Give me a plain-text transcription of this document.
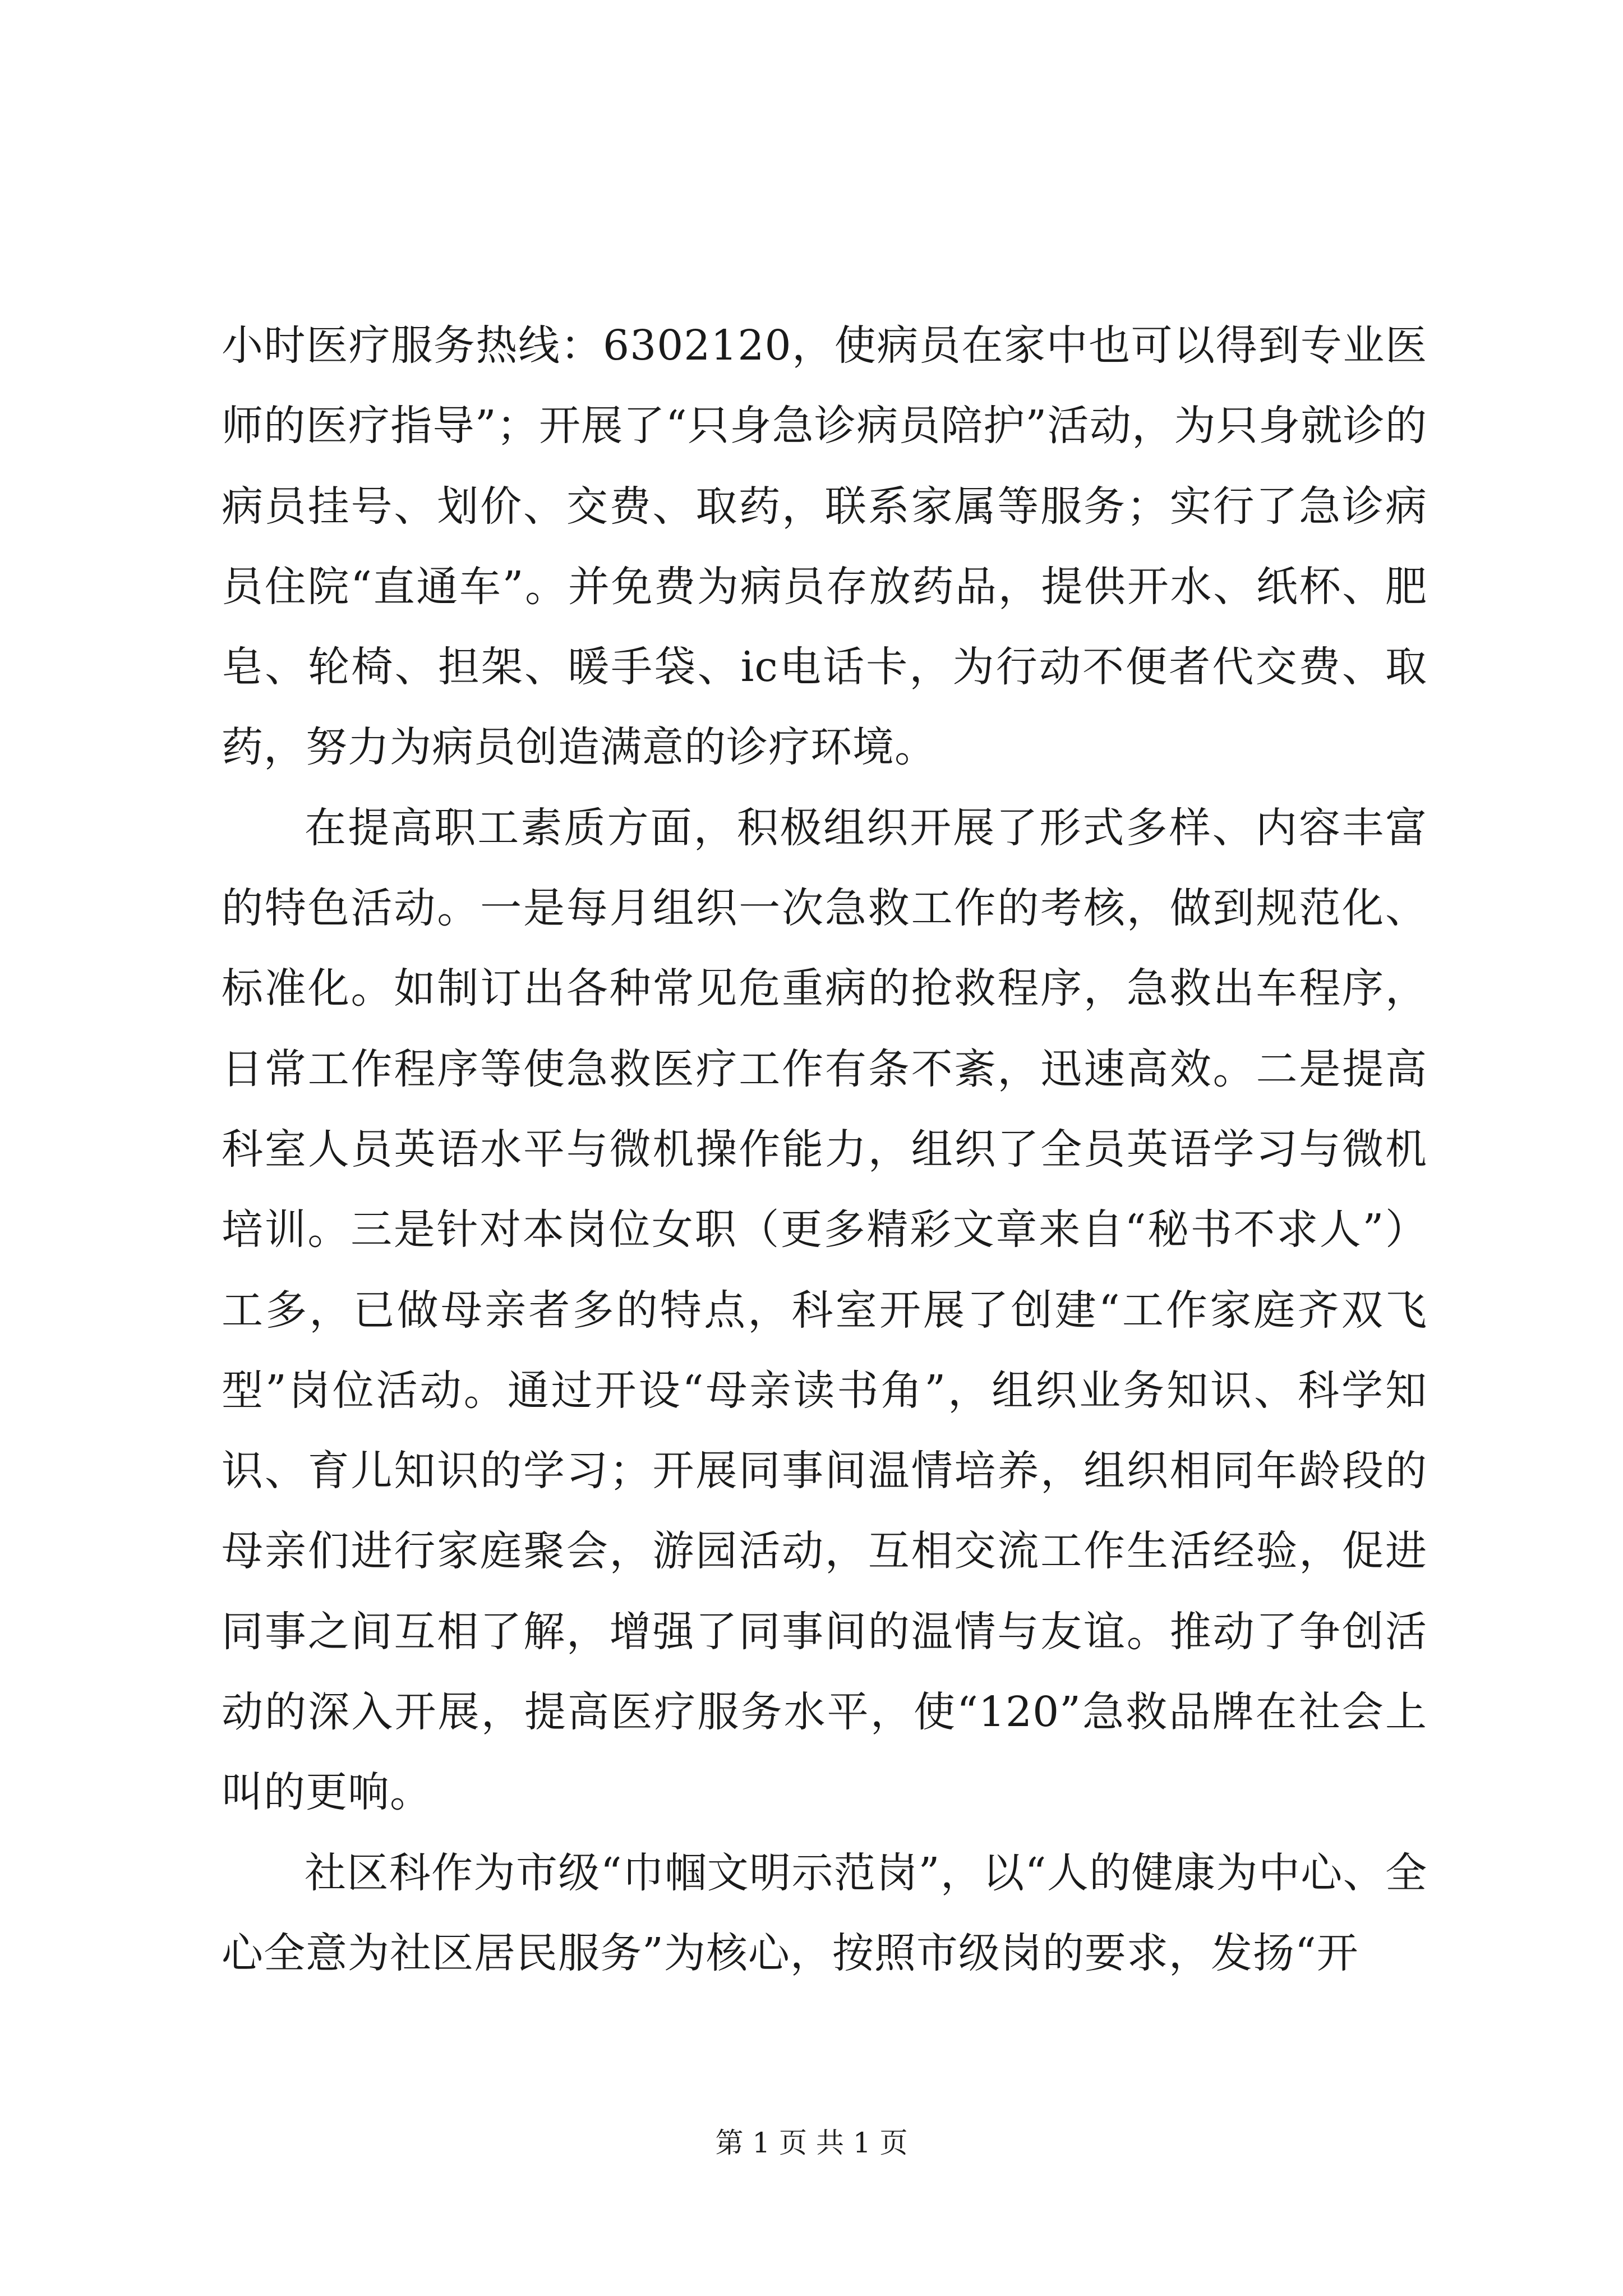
小时医疗服务热线：6302120，使病员在家中也可以得到专业医师的医疗指导”；开展了“只身急诊病员陪护”活动，为只身就诊的病员挂号、划价、交费、取药，联系家属等服务；实行了急诊病员住院“直通车”。并免费为病员存放药品，提供开水、纸杯、肥皂、轮椅、担架、暖手袋、ic电话卡，为行动不便者代交费、取药，努力为病员创造满意的诊疗环境。

在提高职工素质方面，积极组织开展了形式多样、内容丰富的特色活动。一是每月组织一次急救工作的考核，做到规范化、标准化。如制订出各种常见危重病的抢救程序，急救出车程序，日常工作程序等使急救医疗工作有条不紊，迅速高效。二是提高科室人员英语水平与微机操作能力，组织了全员英语学习与微机培训。三是针对本岗位女职（更多精彩文章来自“秘书不求人”）工多，已做母亲者多的特点，科室开展了创建“工作家庭齐双飞型”岗位活动。通过开设“母亲读书角”，组织业务知识、科学知识、育儿知识的学习；开展同事间温情培养，组织相同年龄段的母亲们进行家庭聚会，游园活动，互相交流工作生活经验，促进同事之间互相了解，增强了同事间的温情与友谊。推动了争创活动的深入开展，提高医疗服务水平，使“120”急救品牌在社会上叫的更响。

社区科作为市级“巾帼文明示范岗”，以“人的健康为中心、全心全意为社区居民服务”为核心，按照市级岗的要求，发扬“开

第 1 页 共 1 页
